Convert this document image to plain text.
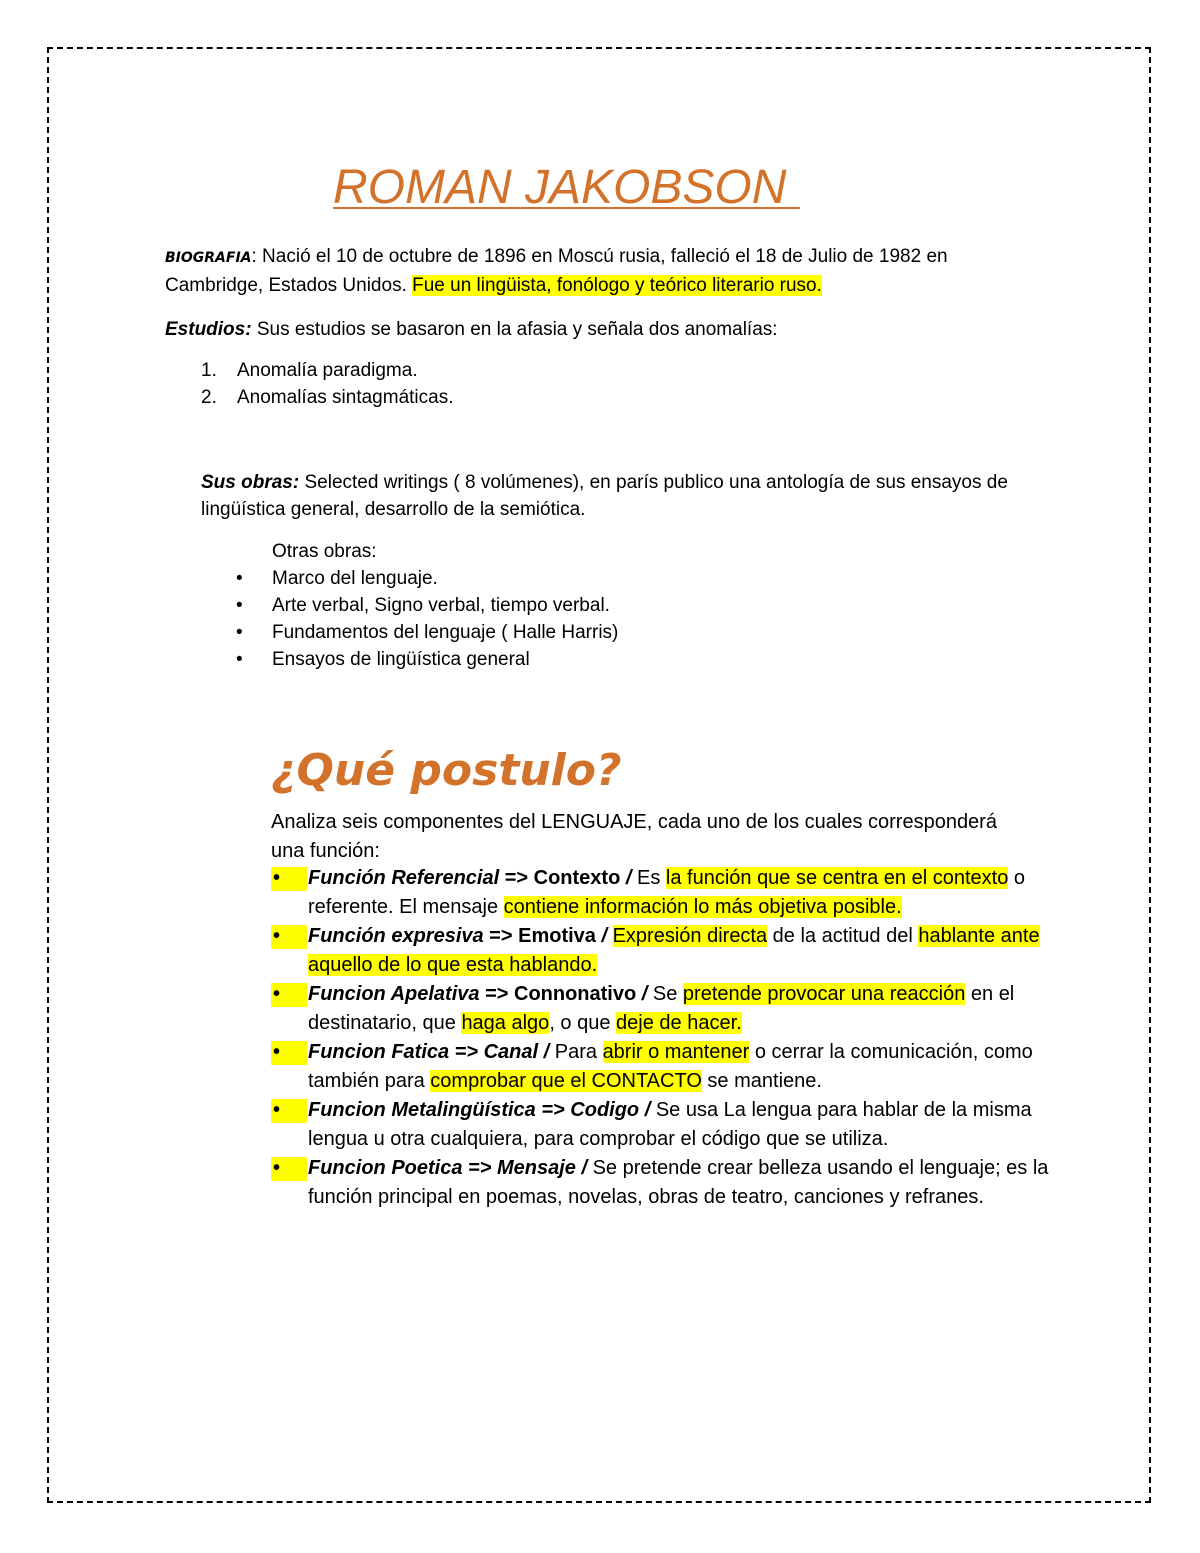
ROMAN JAKOBSON

BIOGRAFIA: Nació el 10 de octubre de 1896 en Moscú rusia, falleció el 18 de Julio de 1982 en Cambridge, Estados Unidos. Fue un lingüista, fonólogo y teórico literario ruso.

Estudios: Sus estudios se basaron en la afasia y señala dos anomalías:

1. Anomalía paradigma.
2. Anomalías sintagmáticas.

Sus obras: Selected writings ( 8 volúmenes), en parís publico una antología de sus ensayos de lingüística general, desarrollo de la semiótica.

Otras obras:

• Marco del lenguaje.
• Arte verbal, Signo verbal, tiempo verbal.
• Fundamentos del lenguaje ( Halle Harris)
• Ensayos de lingüística general
¿Qué postulo?

Analiza seis componentes del LENGUAJE, cada uno de los cuales corresponderá una función:

• Función Referencial => Contexto / Es la función que se centra en el contexto o referente. El mensaje contiene información lo más objetiva posible.
• Función expresiva => Emotiva / Expresión directa de la actitud del hablante ante aquello de lo que esta hablando.
• Funcion Apelativa => Connonativo / Se pretende provocar una reacción en el destinatario, que haga algo, o que deje de hacer.
• Funcion Fatica => Canal / Para abrir o mantener o cerrar la comunicación, como también para comprobar que el CONTACTO se mantiene.
• Funcion Metalingüística => Codigo / Se usa La lengua para hablar de la misma lengua u otra cualquiera, para comprobar el código que se utiliza.
• Funcion Poetica => Mensaje / Se pretende crear belleza usando el lenguaje; es la función principal en poemas, novelas, obras de teatro, canciones y refranes.
